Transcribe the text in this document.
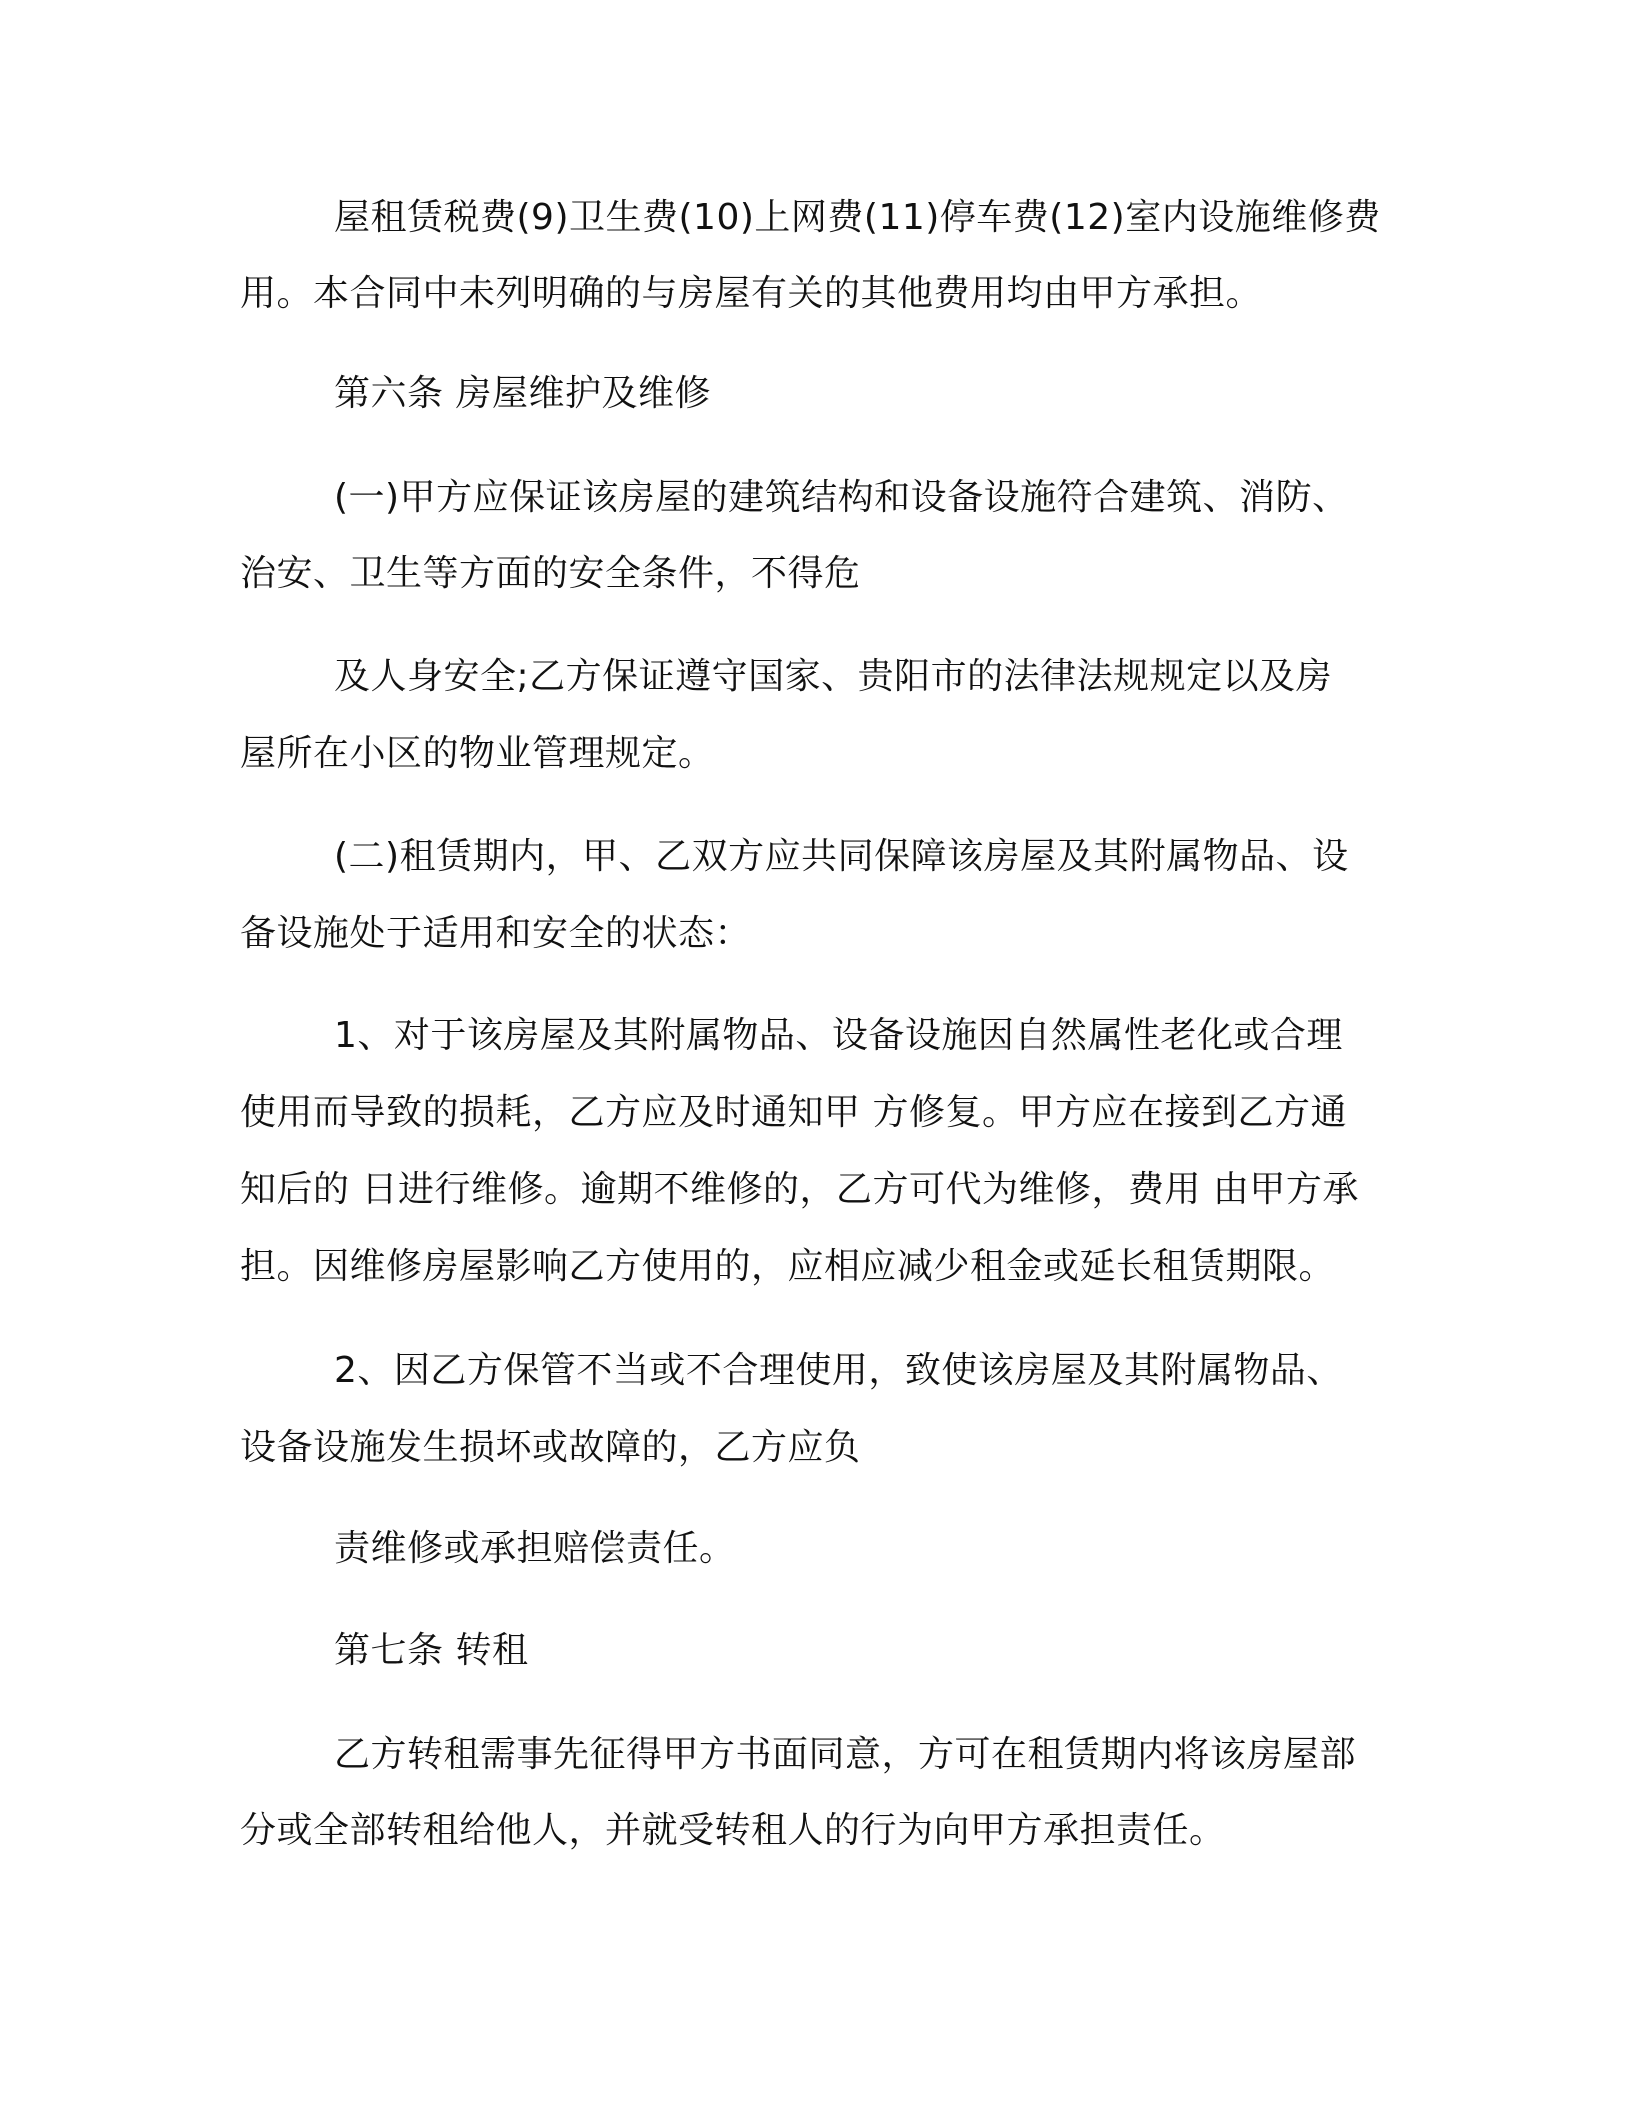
屋租赁税费(9)卫生费(10)上网费(11)停车费(12)室内设施维修费
用。本合同中未列明确的与房屋有关的其他费用均由甲方承担。
第六条 房屋维护及维修
(一)甲方应保证该房屋的建筑结构和设备设施符合建筑、消防、
治安、卫生等方面的安全条件，不得危
及人身安全;乙方保证遵守国家、贵阳市的法律法规规定以及房
屋所在小区的物业管理规定。
(二)租赁期内，甲、乙双方应共同保障该房屋及其附属物品、设
备设施处于适用和安全的状态：
1、对于该房屋及其附属物品、设备设施因自然属性老化或合理
使用而导致的损耗，乙方应及时通知甲 方修复。甲方应在接到乙方通
知后的 日进行维修。逾期不维修的，乙方可代为维修，费用 由甲方承
担。因维修房屋影响乙方使用的，应相应减少租金或延长租赁期限。
2、因乙方保管不当或不合理使用，致使该房屋及其附属物品、
设备设施发生损坏或故障的，乙方应负
责维修或承担赔偿责任。
第七条 转租
乙方转租需事先征得甲方书面同意，方可在租赁期内将该房屋部
分或全部转租给他人，并就受转租人的行为向甲方承担责任。
